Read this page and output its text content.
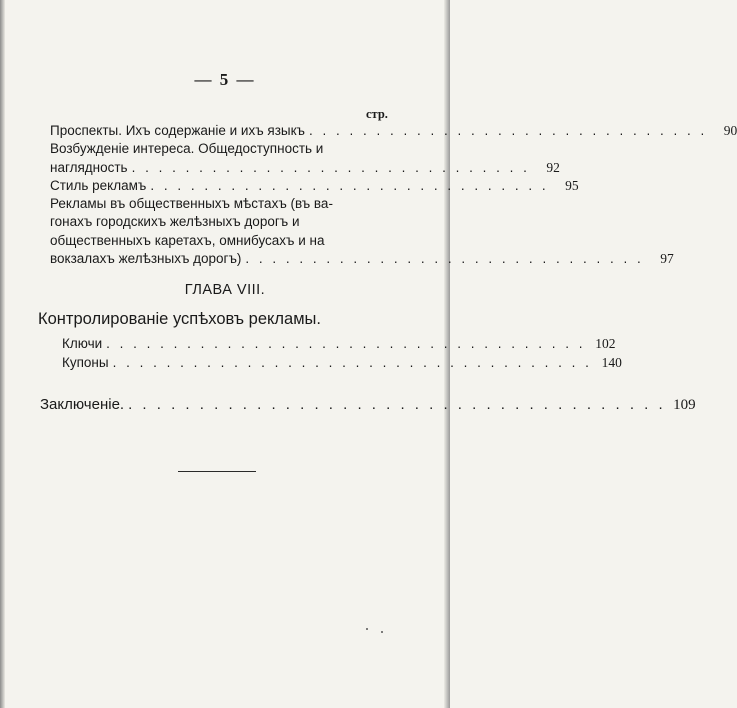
— 5 —
стр.
Проспекты. Ихъ содержаніе и ихъ языкъ . . . . . . . . . . . . . . . . . . . . . . . . . . . . . .	90
Возбужденіе интереса. Общедоступность и
наглядность . . . . . . . . . . . . . . . . . . . . . . . . . . . . . .	92
Стиль рекламъ . . . . . . . . . . . . . . . . . . . . . . . . . . . . . .	95
Рекламы въ общественныхъ мѣстахъ (въ ва-
гонахъ городскихъ желѣзныхъ дорогъ и
общественныхъ каретахъ, омнибусахъ и на
вокзалахъ желѣзныхъ дорогъ) . . . . . . . . . . . . . . . . . . . . . . . . . . . . . .	97
ГЛАВА VIII.
Контролированіе успѣховъ рекламы.
Ключи . . . . . . . . . . . . . . . . . . . . . . . . . . . . . . . . . . . . 102
Купоны . . . . . . . . . . . . . . . . . . . . . . . . . . . . . . . . . . . . 140
Заключеніе. . . . . . . . . . . . . . . . . . . . . . . . . . . . . . . . . . . . . . . 109
